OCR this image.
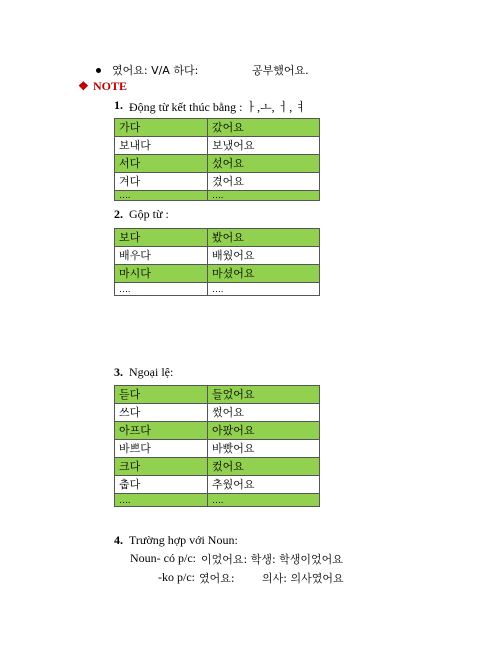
였어요: V/A 하다:	공부했어요.
❖ NOTE
1. Động từ kết thúc bằng : ㅏ,ㅗ, ㅓ, ㅕ
가다	갔어요
보내다	보냈어요
서다	섰어요
겨다	겼어요
….	….
2. Gộp từ :
보다	봤어요
배우다	배웠어요
마시다	마셨어요
….	….
3. Ngoại lệ:
듣다	들었어요
쓰다	썼어요
아프다	아팠어요
바쁘다	바빴어요
크다	컸어요
춥다	추웠어요
….	….
4. Trường hợp với Noun:
Noun- có p/c: 이었어요: 학생: 학생이었어요
-ko p/c: 였어요: 의사: 의사였어요
